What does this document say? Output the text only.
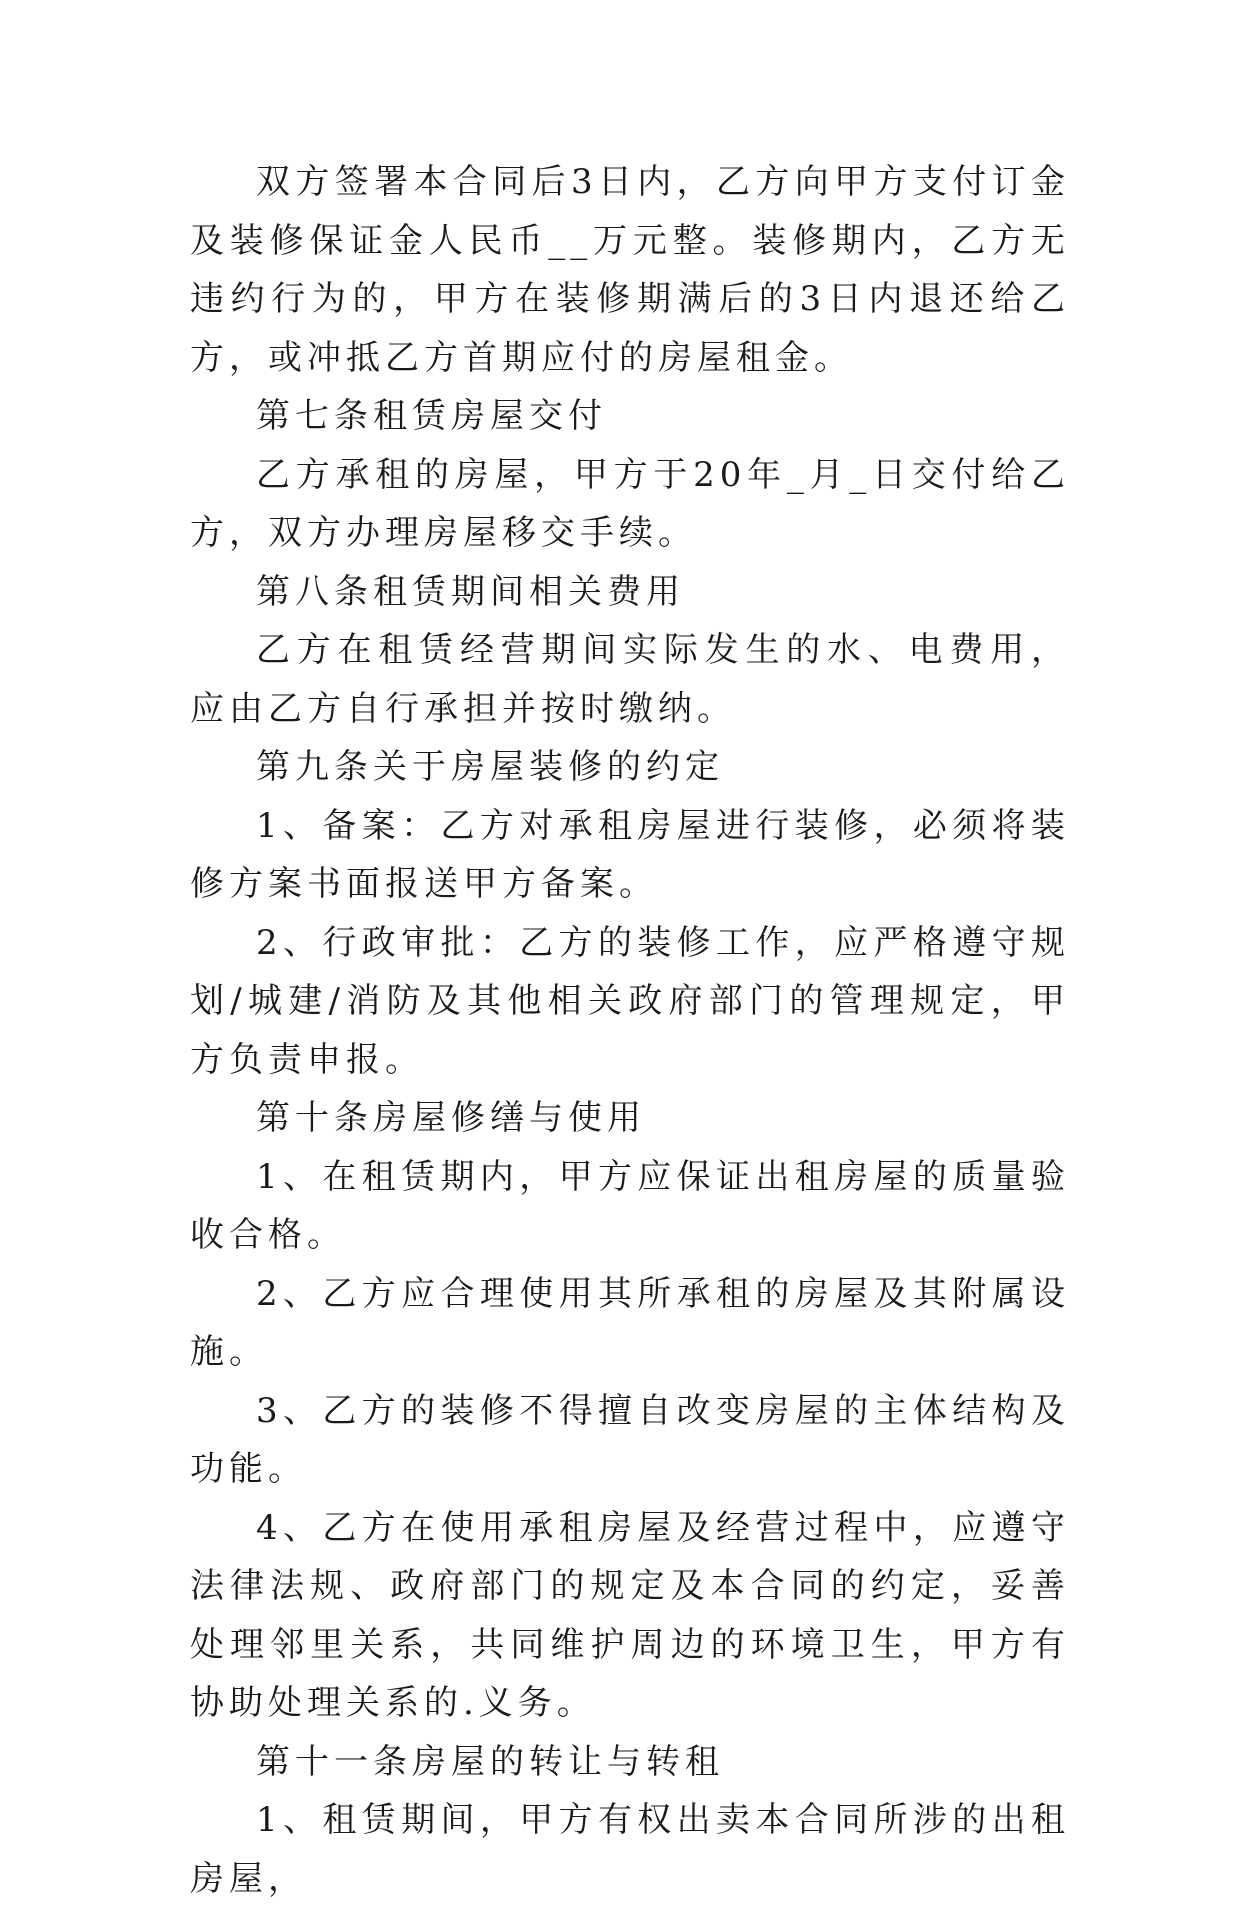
双方签署本合同后3日内，乙方向甲方支付订金及装修保证金人民币__万元整。装修期内，乙方无违约行为的，甲方在装修期满后的3日内退还给乙方，或冲抵乙方首期应付的房屋租金。

第七条租赁房屋交付

乙方承租的房屋，甲方于20年_月_日交付给乙方，双方办理房屋移交手续。

第八条租赁期间相关费用

乙方在租赁经营期间实际发生的水、电费用，应由乙方自行承担并按时缴纳。

第九条关于房屋装修的约定

1、备案：乙方对承租房屋进行装修，必须将装修方案书面报送甲方备案。

2、行政审批：乙方的装修工作，应严格遵守规划/城建/消防及其他相关政府部门的管理规定，甲方负责申报。

第十条房屋修缮与使用

1、在租赁期内，甲方应保证出租房屋的质量验收合格。

2、乙方应合理使用其所承租的房屋及其附属设施。

3、乙方的装修不得擅自改变房屋的主体结构及功能。

4、乙方在使用承租房屋及经营过程中，应遵守法律法规、政府部门的规定及本合同的约定，妥善处理邻里关系，共同维护周边的环境卫生，甲方有协助处理关系的.义务。

第十一条房屋的转让与转租

1、租赁期间，甲方有权出卖本合同所涉的出租房屋，
